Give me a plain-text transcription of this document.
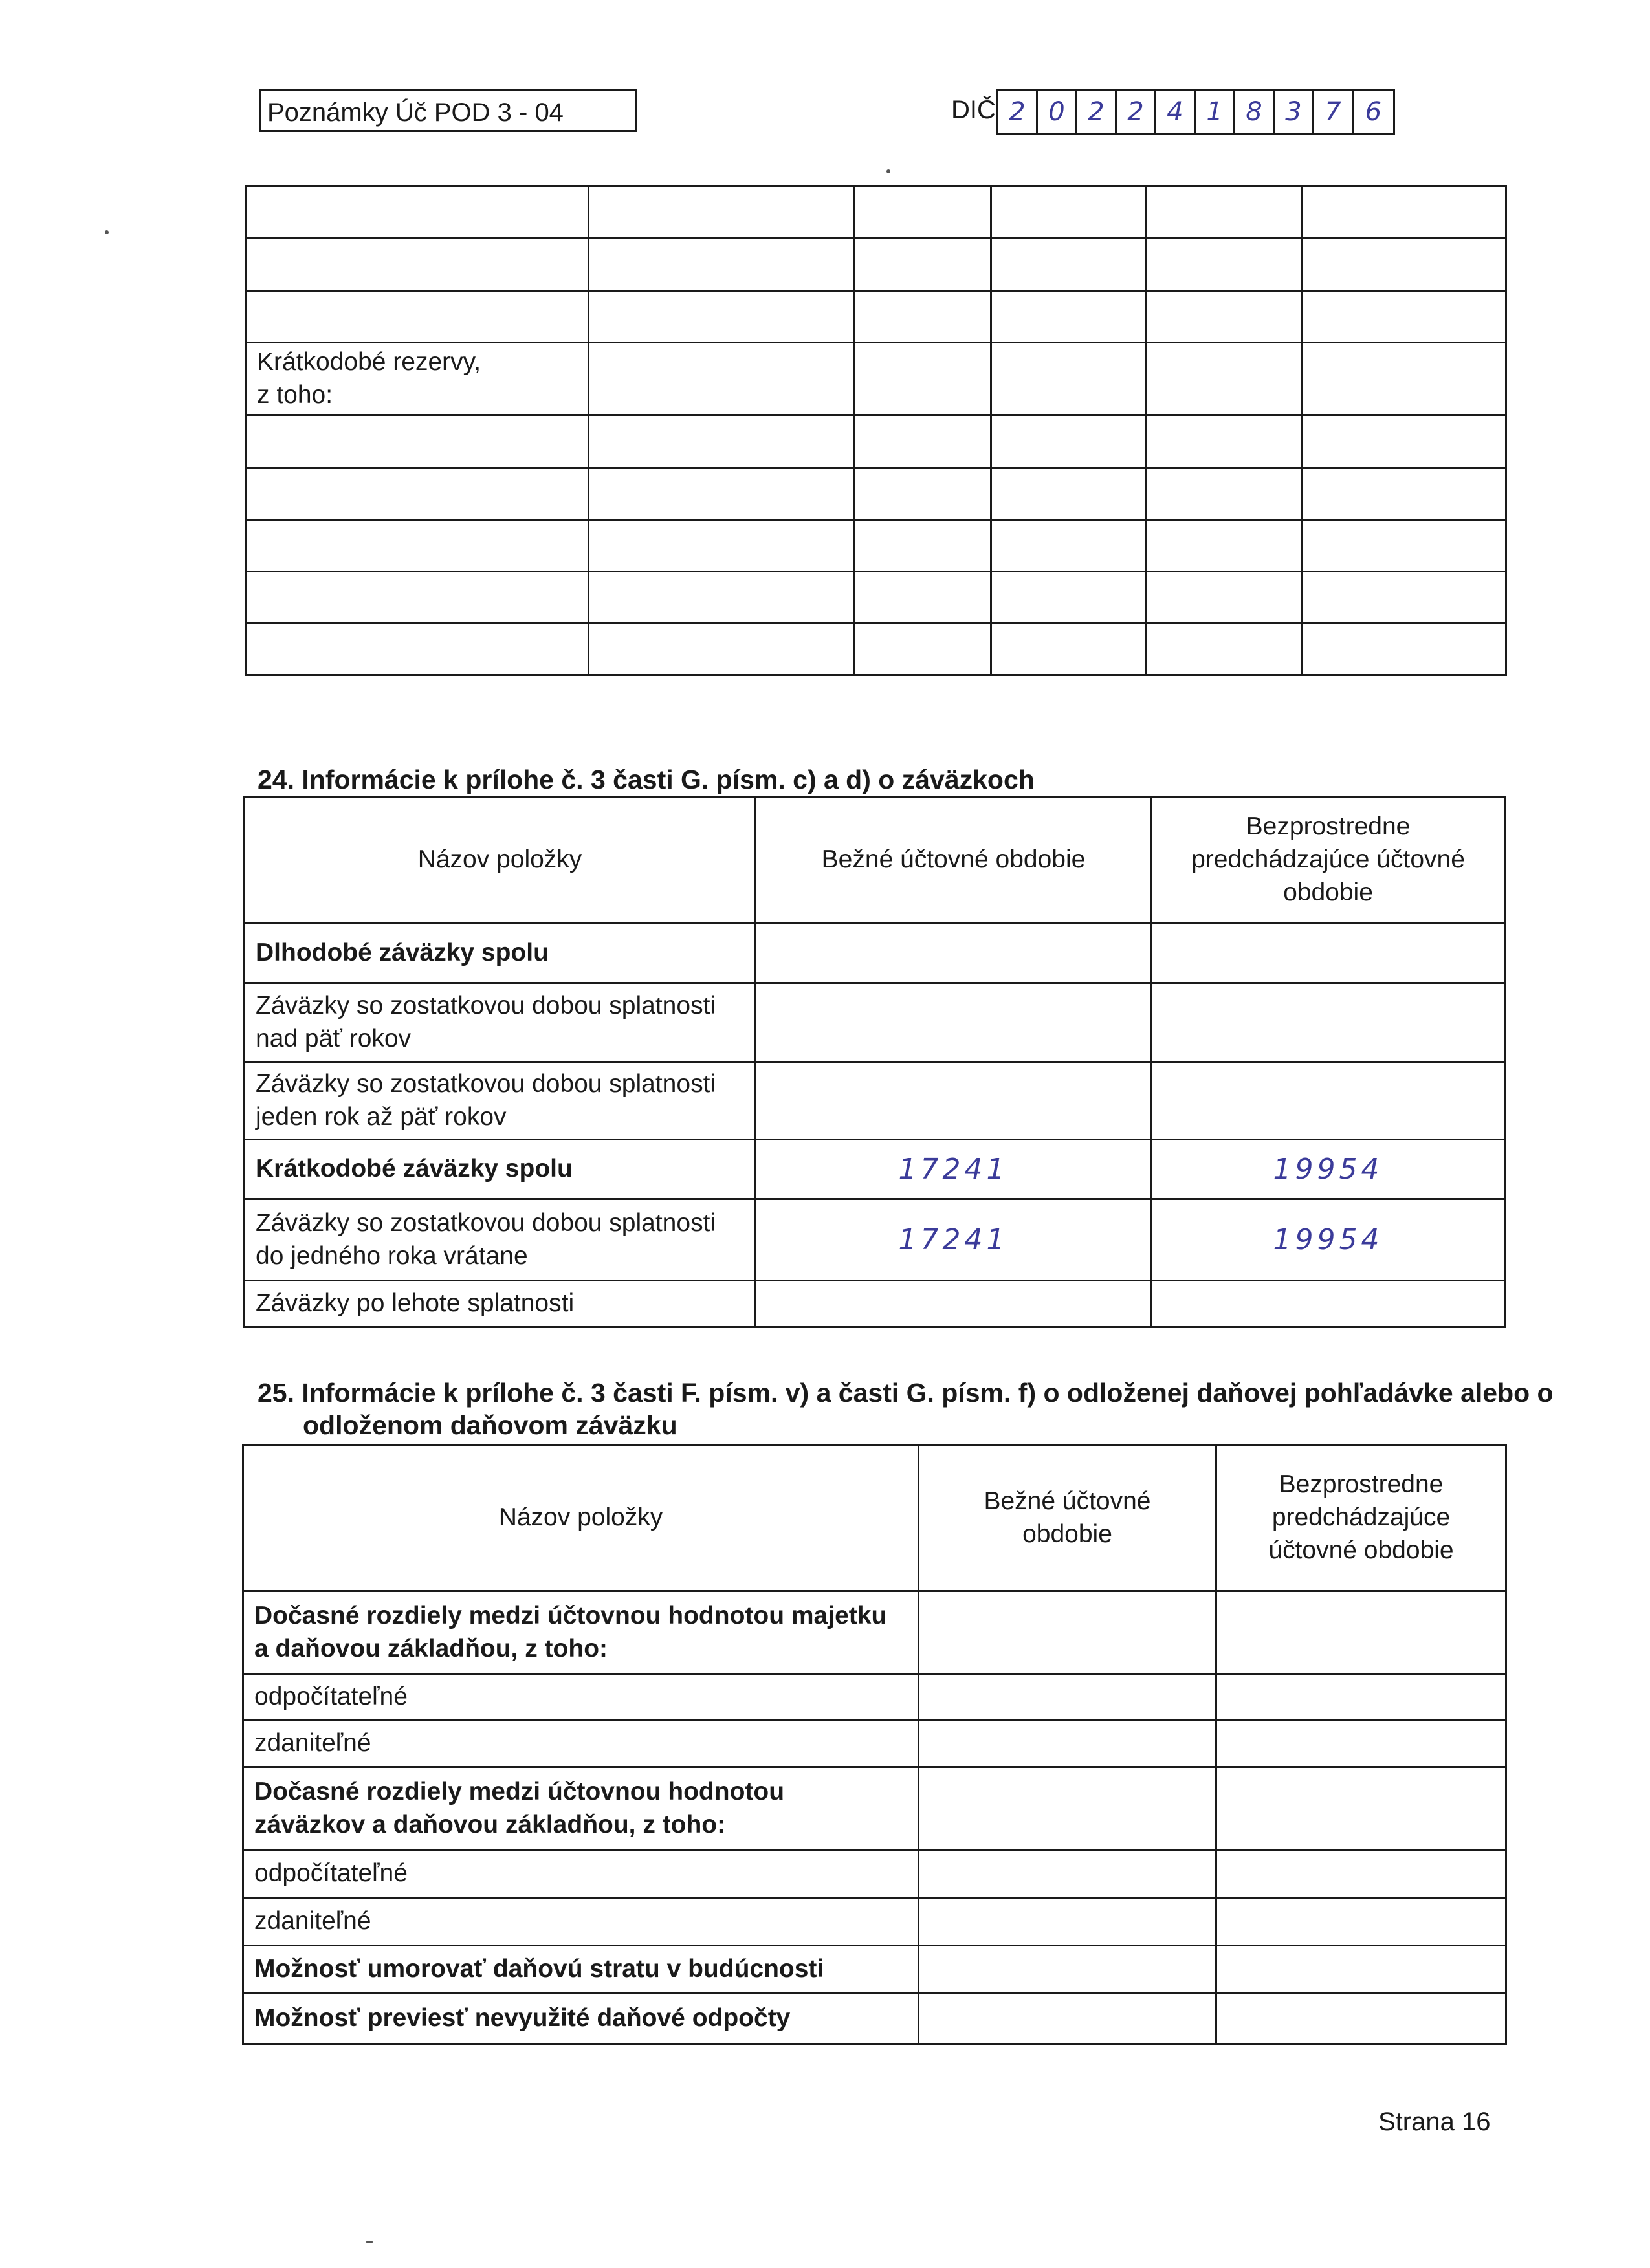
Poznámky Úč POD 3 - 04	DIČ 2 0 2 2 4 1 8 3 7 6

Krátkodobé rezervy,
z toho:					

24. Informácie k prílohe č. 3 časti G. písm. c) a d) o záväzkoch
Názov položky	Bežné účtovné obdobie	Bezprostredne
predchádzajúce účtovné
obdobie
Dlhodobé záväzky spolu		
Záväzky so zostatkovou dobou splatnosti
nad päť rokov		
Záväzky so zostatkovou dobou splatnosti
jeden rok až päť rokov		
Krátkodobé záväzky spolu	17241	19954
Záväzky so zostatkovou dobou splatnosti
do jedného roka vrátane	17241	19954
Záväzky po lehote splatnosti		
25. Informácie k prílohe č. 3 časti F. písm. v) a časti G. písm. f) o odloženej daňovej pohľadávke alebo o
odloženom daňovom záväzku
Názov položky	Bežné účtovné
obdobie	Bezprostredne
predchádzajúce
účtovné obdobie
Dočasné rozdiely medzi účtovnou hodnotou majetku
a daňovou základňou, z toho:		
odpočítateľné		
zdaniteľné		
Dočasné rozdiely medzi účtovnou hodnotou
záväzkov a daňovou základňou, z toho:		
odpočítateľné		
zdaniteľné		
Možnosť umorovať daňovú stratu v budúcnosti		
Možnosť previesť nevyužité daňové odpočty		
Strana 16
